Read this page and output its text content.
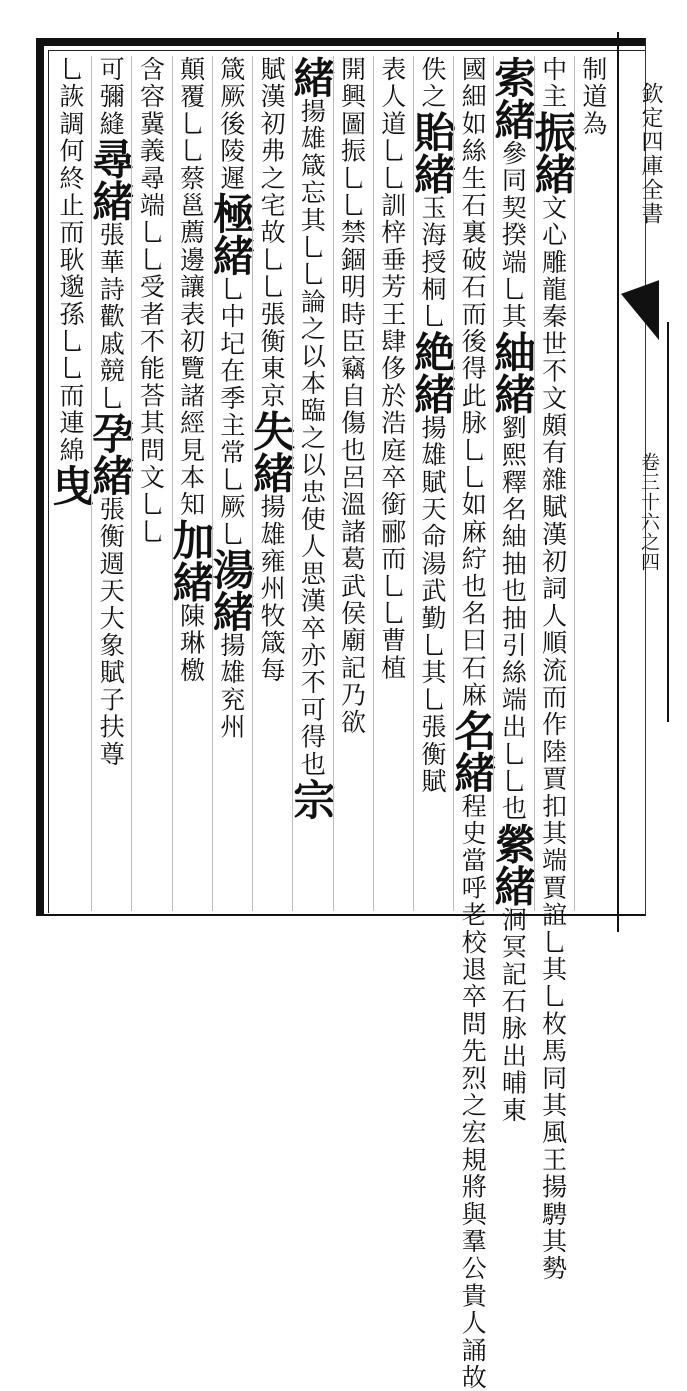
欽定四庫全書
卷三十六之四
制道為
中主振緒文心雕龍秦世不文頗有雜賦漢初詞人順流而作陸賈扣其端賈誼乚其乚枚馬同其風王揚騁其勢
索緒參同契揆端乚其紬緒劉熙釋名紬抽也抽引絲端出乚乚也縈緒洞冥記石脉出晡東
國細如絲生石裏破石而後得此脉乚乚如麻紵也名曰石麻名緒程史當呼老校退卒問先烈之宏規將與羣公貴人誦故
佚之貽緒玉海授桐乚絶緒揚雄賦天命湯武勤乚其乚張衡賦
表人道乚乚訓梓垂芳王肆侈於浩庭卒銜郦而乚乚曹植
開興圖振乚乚禁錮明時臣竊自傷也呂溫諸葛武侯廟記乃欲
緒揚雄箴忘其乚乚論之以本臨之以忠使人思漢卒亦不可得也宗
賦漢初弗之宅故乚乚張衡東京失緒揚雄雍州牧箴每
箴厥後陵遲極緒乚中圮在季主常乚厥乚湯緒揚雄兖州
顛覆乚乚蔡邕薦邊讓表初覽諸經見本知加緒陳琳檄
含容冀義尋端乚乚受者不能荅其問文乚乚
可彌縫尋緒張華詩歡戚競乚孕緒張衡週天大象賦子扶尊
乚詼調何終止而耿邈孫乚乚而連綿曳
